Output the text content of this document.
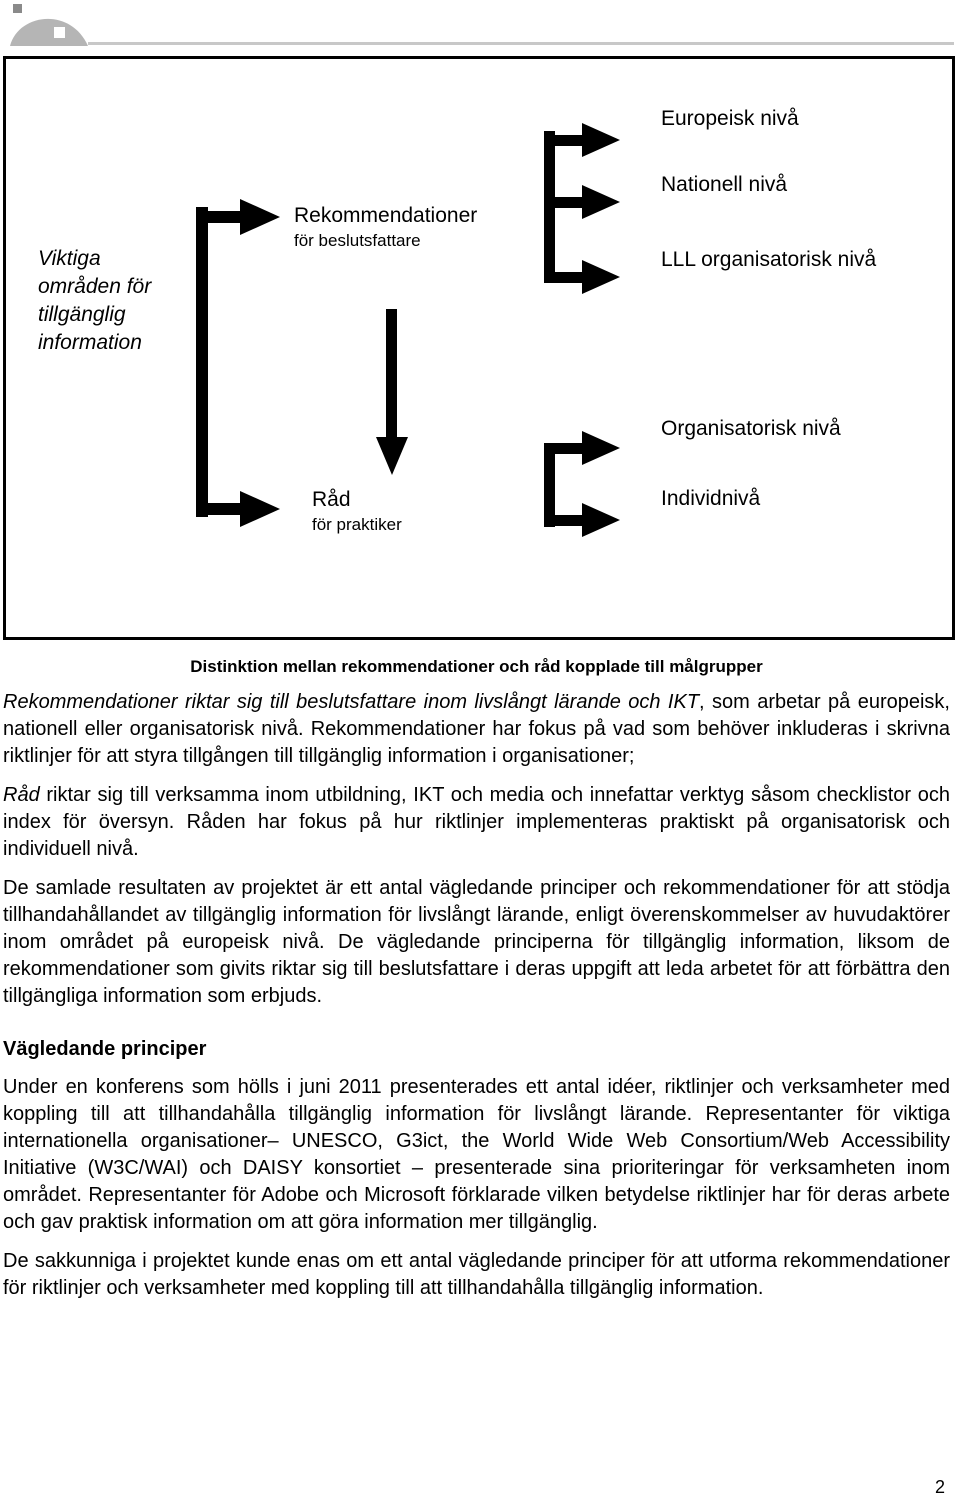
Viktiga områden för tillgänglig information
Rekommendationer
för beslutsfattare
Råd
för praktiker
Europeisk nivå
Nationell nivå
LLL organisatorisk nivå
Organisatorisk nivå
Individnivå
Distinktion mellan rekommendationer och råd kopplade till målgrupper

Rekommendationer riktar sig till beslutsfattare inom livslångt lärande och IKT, som arbetar på europeisk, nationell eller organisatorisk nivå. Rekommendationer har fokus på vad som behöver inkluderas i skrivna riktlinjer för att styra tillgången till tillgänglig information i organisationer;

Råd riktar sig till verksamma inom utbildning, IKT och media och innefattar verktyg såsom checklistor och index för översyn. Råden har fokus på hur riktlinjer implementeras praktiskt på organisatorisk och individuell nivå.

De samlade resultaten av projektet är ett antal vägledande principer och rekommendationer för att stödja tillhandahållandet av tillgänglig information för livslångt lärande, enligt överenskommelser av huvudaktörer inom området på europeisk nivå. De vägledande principerna för tillgänglig information, liksom de rekommendationer som givits riktar sig till beslutsfattare i deras uppgift att leda arbetet för att förbättra den tillgängliga information som erbjuds.

Vägledande principer

Under en konferens som hölls i juni 2011 presenterades ett antal idéer, riktlinjer och verksamheter med koppling till att tillhandahålla tillgänglig information för livslångt lärande. Representanter för viktiga internationella organisationer– UNESCO, G3ict, the World Wide Web Consortium/Web Accessibility Initiative (W3C/WAI) och DAISY konsortiet – presenterade sina prioriteringar för verksamheten inom området. Representanter för Adobe och Microsoft förklarade vilken betydelse riktlinjer har för deras arbete och gav praktisk information om att göra information mer tillgänglig.

De sakkunniga i projektet kunde enas om ett antal vägledande principer för att utforma rekommendationer för riktlinjer och verksamheter med koppling till att tillhandahålla tillgänglig information.

2
